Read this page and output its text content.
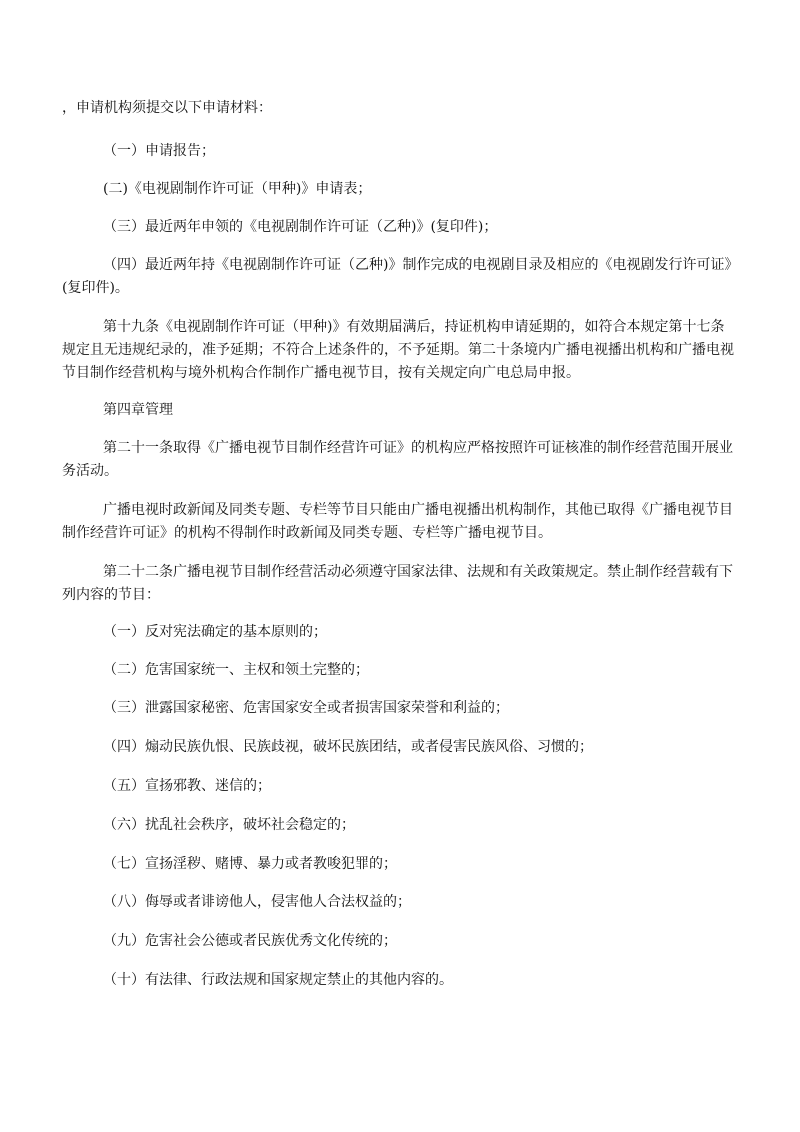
，申请机构须提交以下申请材料：

（一）申请报告；

(二)《电视剧制作许可证（甲种)》申请表；

（三）最近两年申领的《电视剧制作许可证（乙种)》(复印件)；

（四）最近两年持《电视剧制作许可证（乙种)》制作完成的电视剧目录及相应的《电视剧发行许可证》(复印件)。

第十九条《电视剧制作许可证（甲种)》有效期届满后，持证机构申请延期的，如符合本规定第十七条规定且无违规纪录的，准予延期；不符合上述条件的，不予延期。第二十条境内广播电视播出机构和广播电视节目制作经营机构与境外机构合作制作广播电视节目，按有关规定向广电总局申报。

第四章管理

第二十一条取得《广播电视节目制作经营许可证》的机构应严格按照许可证核准的制作经营范围开展业务活动。

广播电视时政新闻及同类专题、专栏等节目只能由广播电视播出机构制作，其他已取得《广播电视节目制作经营许可证》的机构不得制作时政新闻及同类专题、专栏等广播电视节目。

第二十二条广播电视节目制作经营活动必须遵守国家法律、法规和有关政策规定。禁止制作经营载有下列内容的节目：

（一）反对宪法确定的基本原则的；

（二）危害国家统一、主权和领土完整的；

（三）泄露国家秘密、危害国家安全或者损害国家荣誉和利益的；

（四）煽动民族仇恨、民族歧视，破坏民族团结，或者侵害民族风俗、习惯的；

（五）宣扬邪教、迷信的；

（六）扰乱社会秩序，破坏社会稳定的；

（七）宣扬淫秽、赌博、暴力或者教唆犯罪的；

（八）侮辱或者诽谤他人，侵害他人合法权益的；

（九）危害社会公德或者民族优秀文化传统的；

（十）有法律、行政法规和国家规定禁止的其他内容的。
